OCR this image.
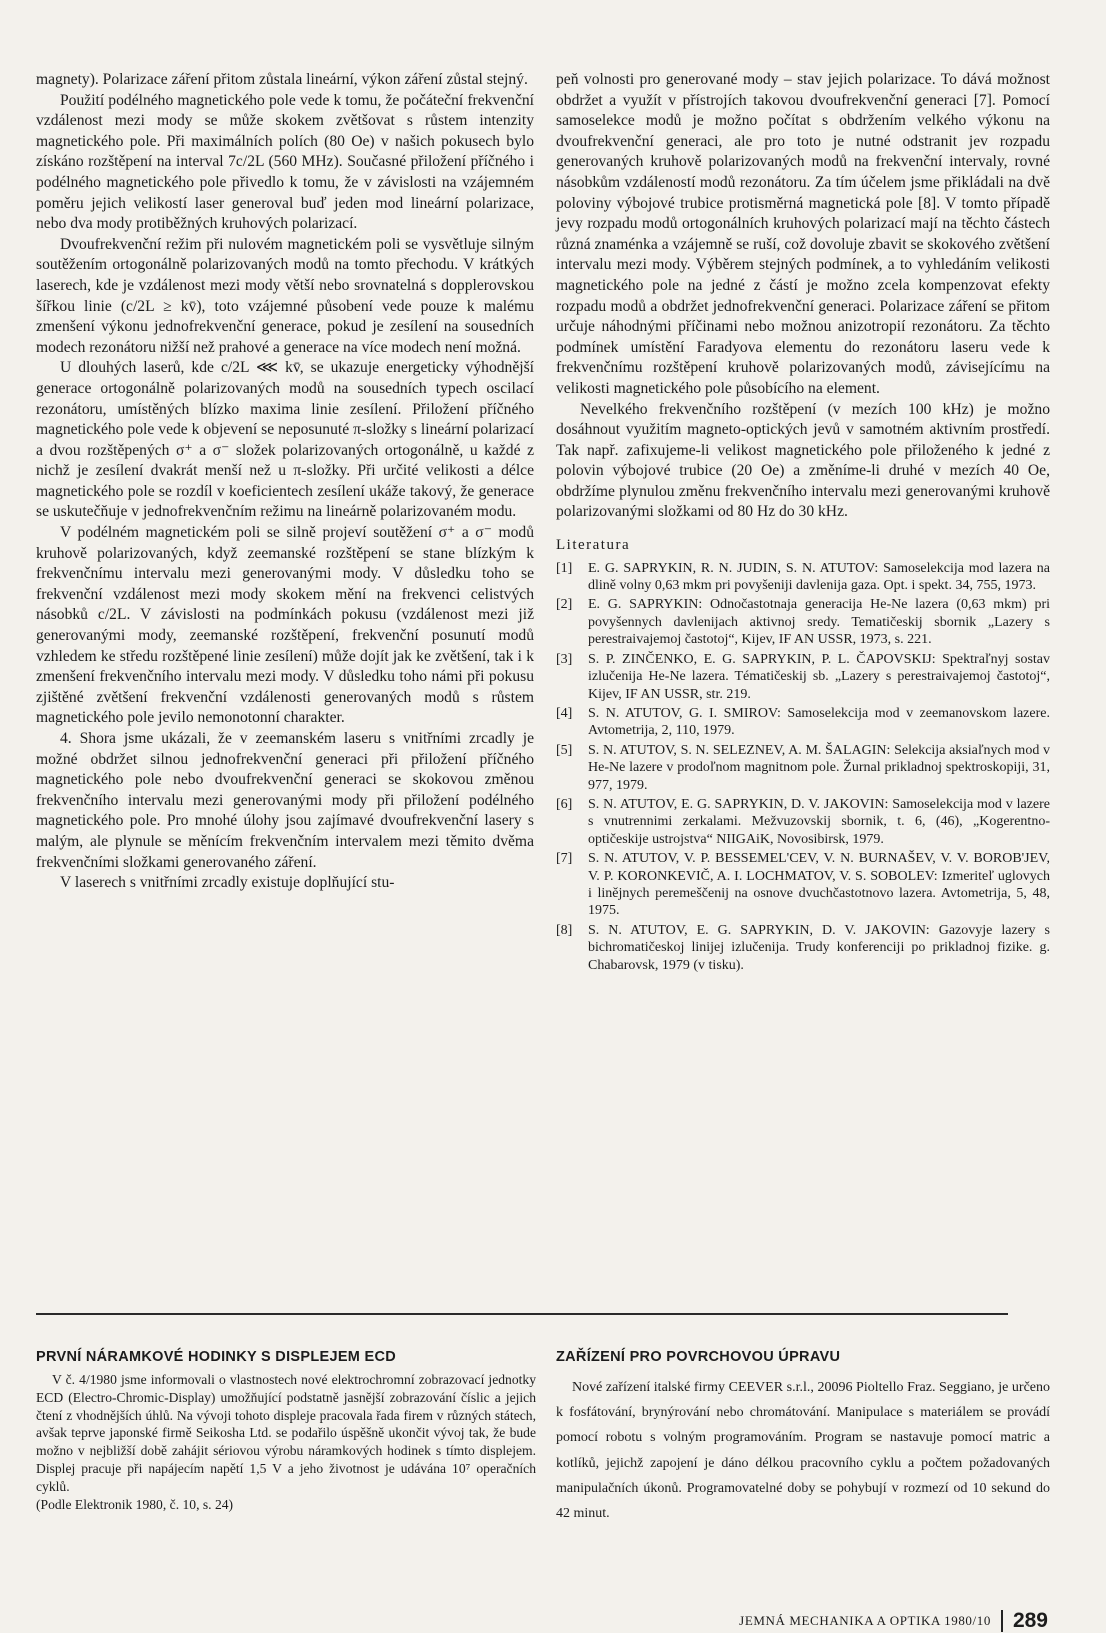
magnety). Polarizace záření přitom zůstala lineární, výkon záření zůstal stejný.

Použití podélného magnetického pole vede k tomu, že počáteční frekvenční vzdálenost mezi mody se může skokem zvětšovat s růstem intenzity magnetického pole. Při maximálních polích (80 Oe) v našich pokusech bylo získáno rozštěpení na interval 7c/2L (560 MHz). Současné přiložení příčného i podélného magnetického pole přivedlo k tomu, že v závislosti na vzájemném poměru jejich velikostí laser generoval buď jeden mod lineární polarizace, nebo dva mody protiběžných kruhových polarizací.

Dvoufrekvenční režim při nulovém magnetickém poli se vysvětluje silným soutěžením ortogonálně polarizovaných modů na tomto přechodu. V krátkých laserech, kde je vzdálenost mezi mody větší nebo srovnatelná s dopplerovskou šířkou linie (c/2L ≥ kv̄), toto vzájemné působení vede pouze k malému zmenšení výkonu jednofrekvenční generace, pokud je zesílení na sousedních modech rezonátoru nižší než prahové a generace na více modech není možná.

U dlouhých laserů, kde c/2L ⋘ kv̄, se ukazuje energeticky výhodnější generace ortogonálně polarizovaných modů na sousedních typech oscilací rezonátoru, umístěných blízko maxima linie zesílení. Přiložení příčného magnetického pole vede k objevení se neposunuté π-složky s lineární polarizací a dvou rozštěpených σ⁺ a σ⁻ složek polarizovaných ortogonálně, u každé z nichž je zesílení dvakrát menší než u π-složky. Při určité velikosti a délce magnetického pole se rozdíl v koeficientech zesílení ukáže takový, že generace se uskutečňuje v jednofrekvenčním režimu na lineárně polarizovaném modu.

V podélném magnetickém poli se silně projeví soutěžení σ⁺ a σ⁻ modů kruhově polarizovaných, když zeemanské rozštěpení se stane blízkým k frekvenčnímu intervalu mezi generovanými mody. V důsledku toho se frekvenční vzdálenost mezi mody skokem mění na frekvenci celistvých násobků c/2L. V závislosti na podmínkách pokusu (vzdálenost mezi již generovanými mody, zeemanské rozštěpení, frekvenční posunutí modů vzhledem ke středu rozštěpené linie zesílení) může dojít jak ke zvětšení, tak i k zmenšení frekvenčního intervalu mezi mody. V důsledku toho námi při pokusu zjištěné zvětšení frekvenční vzdálenosti generovaných modů s růstem magnetického pole jevilo nemonotonní charakter.

4. Shora jsme ukázali, že v zeemanském laseru s vnitřními zrcadly je možné obdržet silnou jednofrekvenční generaci při přiložení příčného magnetického pole nebo dvoufrekvenční generaci se skokovou změnou frekvenčního intervalu mezi generovanými mody při přiložení podélného magnetického pole. Pro mnohé úlohy jsou zajímavé dvoufrekvenční lasery s malým, ale plynule se měnícím frekvenčním intervalem mezi těmito dvěma frekvenčními složkami generovaného záření.

V laserech s vnitřními zrcadly existuje doplňující stu-

peň volnosti pro generované mody – stav jejich polarizace. To dává možnost obdržet a využít v přístrojích takovou dvoufrekvenční generaci [7]. Pomocí samoselekce modů je možno počítat s obdržením velkého výkonu na dvoufrekvenční generaci, ale pro toto je nutné odstranit jev rozpadu generovaných kruhově polarizovaných modů na frekvenční intervaly, rovné násobkům vzdáleností modů rezonátoru. Za tím účelem jsme přikládali na dvě poloviny výbojové trubice protisměrná magnetická pole [8]. V tomto případě jevy rozpadu modů ortogonálních kruhových polarizací mají na těchto částech různá znaménka a vzájemně se ruší, což dovoluje zbavit se skokového zvětšení intervalu mezi mody. Výběrem stejných podmínek, a to vyhledáním velikosti magnetického pole na jedné z částí je možno zcela kompenzovat efekty rozpadu modů a obdržet jednofrekvenční generaci. Polarizace záření se přitom určuje náhodnými příčinami nebo možnou anizotropií rezonátoru. Za těchto podmínek umístění Faradyova elementu do rezonátoru laseru vede k frekvenčnímu rozštěpení kruhově polarizovaných modů, závisejícímu na velikosti magnetického pole působícího na element.

Nevelkého frekvenčního rozštěpení (v mezích 100 kHz) je možno dosáhnout využitím magneto-optických jevů v samotném aktivním prostředí. Tak např. zafixujeme-li velikost magnetického pole přiloženého k jedné z polovin výbojové trubice (20 Oe) a změníme-li druhé v mezích 40 Oe, obdržíme plynulou změnu frekvenčního intervalu mezi generovanými kruhově polarizovanými složkami od 80 Hz do 30 kHz.

Literatura

[1] E. G. SAPRYKIN, R. N. JUDIN, S. N. ATUTOV: Samoselekcija mod lazera na dlině volny 0,63 mkm pri povyšeniji davlenija gaza. Opt. i spekt. 34, 755, 1973.
[2] E. G. SAPRYKIN: Odnočastotnaja generacija He-Ne lazera (0,63 mkm) pri povyšennych davlenijach aktivnoj sredy. Tematičeskij sbornik „Lazery s perestraivajemoj častotoj“, Kijev, IF AN USSR, 1973, s. 221.
[3] S. P. ZINČENKO, E. G. SAPRYKIN, P. L. ČAPOVSKIJ: Spektraľnyj sostav izlučenija He-Ne lazera. Tématičeskij sb. „Lazery s perestraivajemoj častotoj“, Kijev, IF AN USSR, str. 219.
[4] S. N. ATUTOV, G. I. SMIROV: Samoselekcija mod v zeemanovskom lazere. Avtometrija, 2, 110, 1979.
[5] S. N. ATUTOV, S. N. SELEZNEV, A. M. ŠALAGIN: Selekcija aksiaľnych mod v He-Ne lazere v prodoľnom magnitnom pole. Žurnal prikladnoj spektroskopiji, 31, 977, 1979.
[6] S. N. ATUTOV, E. G. SAPRYKIN, D. V. JAKOVIN: Samoselekcija mod v lazere s vnutrennimi zerkalami. Mežvuzovskij sbornik, t. 6, (46), „Kogerentno-optičeskije ustrojstva“ NIIGAiK, Novosibirsk, 1979.
[7] S. N. ATUTOV, V. P. BESSEMEL'CEV, V. N. BURNAŠEV, V. V. BOROB'JEV, V. P. KORONKEVIČ, A. I. LOCHMATOV, V. S. SOBOLEV: Izmeriteľ uglovych i linějnych peremeščenij na osnove dvuchčastotnovo lazera. Avtometrija, 5, 48, 1975.
[8] S. N. ATUTOV, E. G. SAPRYKIN, D. V. JAKOVIN: Gazovyje lazery s bichromatičeskoj linijej izlučenija. Trudy konferenciji po prikladnoj fizike. g. Chabarovsk, 1979 (v tisku).
PRVNÍ NÁRAMKOVÉ HODINKY S DISPLEJEM ECD

V č. 4/1980 jsme informovali o vlastnostech nové elektrochromní zobrazovací jednotky ECD (Electro-Chromic-Display) umožňující podstatně jasnější zobrazování číslic a jejich čtení z vhodnějších úhlů. Na vývoji tohoto displeje pracovala řada firem v různých státech, avšak teprve japonské firmě Seikosha Ltd. se podařilo úspěšně ukončit vývoj tak, že bude možno v nejbližší době zahájit sériovou výrobu náramkových hodinek s tímto displejem. Displej pracuje při napájecím napětí 1,5 V a jeho životnost je udávána 10⁷ operačních cyklů.

(Podle Elektronik 1980, č. 10, s. 24)

ZAŘÍZENÍ PRO POVRCHOVOU ÚPRAVU

Nové zařízení italské firmy CEEVER s.r.l., 20096 Pioltello Fraz. Seggiano, je určeno k fosfátování, brynýrování nebo chromátování. Manipulace s materiálem se provádí pomocí robotu s volným programováním. Program se nastavuje pomocí matric a kotlíků, jejichž zapojení je dáno délkou pracovního cyklu a počtem požadovaných manipulačních úkonů. Programovatelné doby se pohybují v rozmezí od 10 sekund do 42 minut.

JEMNÁ MECHANIKA A OPTIKA 1980/10 289
